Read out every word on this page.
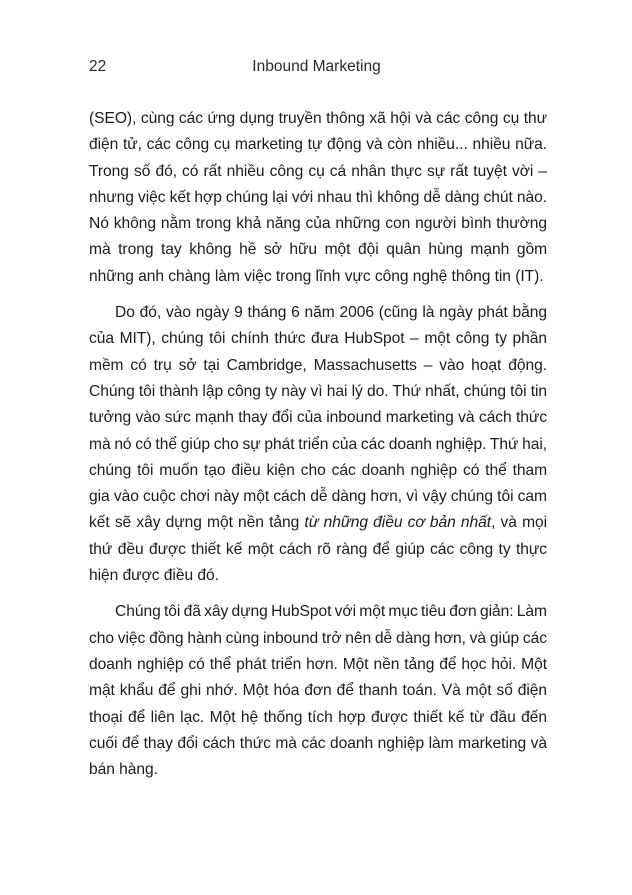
22	Inbound Marketing

(SEO), cùng các ứng dụng truyền thông xã hội và các công cụ thư
điện tử, các công cụ marketing tự động và còn nhiều... nhiều nữa.
Trong số đó, có rất nhiều công cụ cá nhân thực sự rất tuyệt vời –
nhưng việc kết hợp chúng lại với nhau thì không dễ dàng chút nào.
Nó không nằm trong khả năng của những con người bình thường
mà trong tay không hề sở hữu một đội quân hùng mạnh gồm
những anh chàng làm việc trong lĩnh vực công nghệ thông tin (IT).

Do đó, vào ngày 9 tháng 6 năm 2006 (cũng là ngày phát bằng
của MIT), chúng tôi chính thức đưa HubSpot – một công ty phần
mềm có trụ sở tại Cambridge, Massachusetts – vào hoạt động.
Chúng tôi thành lập công ty này vì hai lý do. Thứ nhất, chúng tôi tin
tưởng vào sức mạnh thay đổi của inbound marketing và cách thức
mà nó có thể giúp cho sự phát triển của các doanh nghiệp. Thứ hai,
chúng tôi muốn tạo điều kiện cho các doanh nghiệp có thể tham
gia vào cuộc chơi này một cách dễ dàng hơn, vì vậy chúng tôi cam
kết sẽ xây dựng một nền tảng từ những điều cơ bản nhất, và mọi
thứ đều được thiết kế một cách rõ ràng để giúp các công ty thực
hiện được điều đó.

Chúng tôi đã xây dựng HubSpot với một mục tiêu đơn giản: Làm
cho việc đồng hành cùng inbound trở nên dễ dàng hơn, và giúp các
doanh nghiệp có thể phát triển hơn. Một nền tảng để học hỏi. Một
mật khẩu để ghi nhớ. Một hóa đơn để thanh toán. Và một số điện
thoại để liên lạc. Một hệ thống tích hợp được thiết kế từ đầu đến
cuối để thay đổi cách thức mà các doanh nghiệp làm marketing và
bán hàng.
